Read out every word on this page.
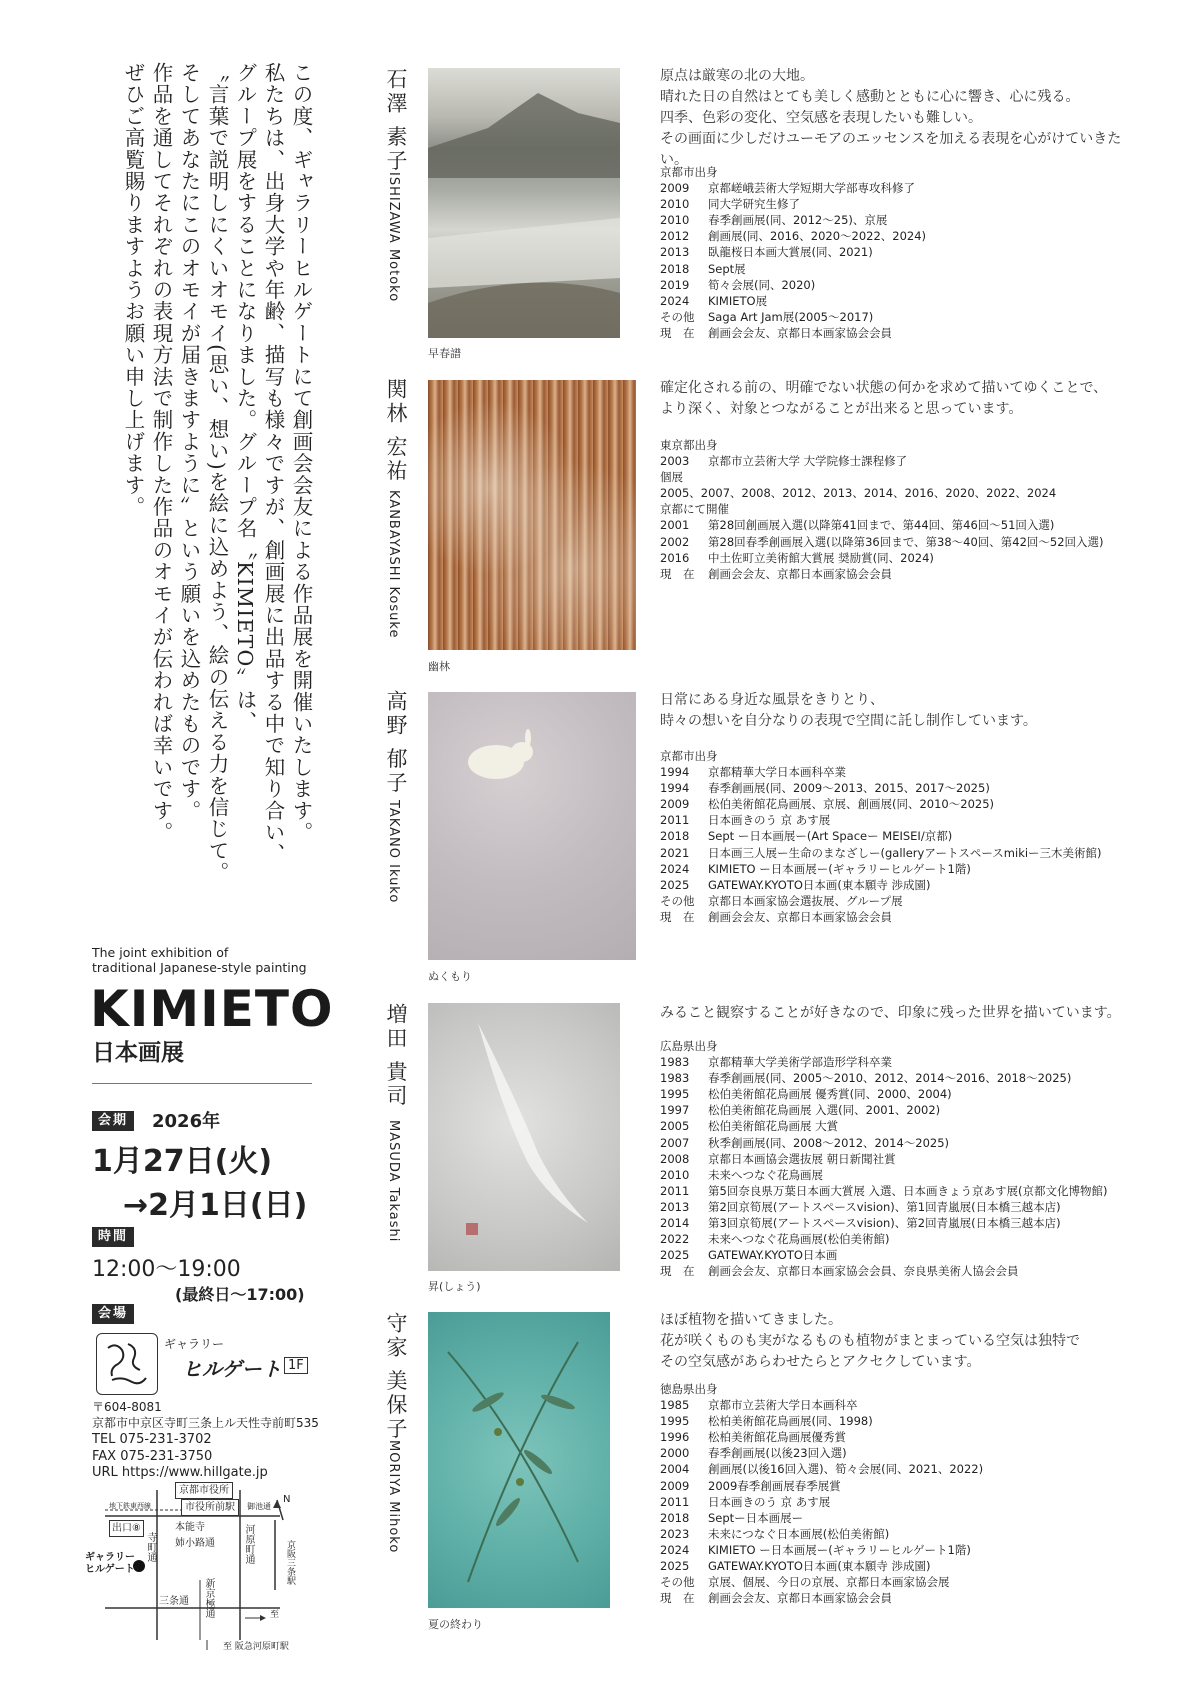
この度、ギャラリーヒルゲートにて創画会会友による作品展を開催いたします。

私たちは、出身大学や年齢、描写も様々ですが、創画展に出品する中で知り合い、

グループ展をすることになりました。グループ名〝KIMIETO〟は、

〝言葉で説明しにくいオモイ(思い、想い)を絵に込めよう、絵の伝える力を信じて。

そしてあなたにこのオモイが届きますように〟という願いを込めたものです。

作品を通してそれぞれの表現方法で制作した作品のオモイが伝われば幸いです。

ぜひご高覧賜りますようお願い申し上げます。

The joint exhibition of
traditional Japanese-style painting
KIMIETO
日本画展
会期	2026年
1月27日(火)
→2月1日(日)
時間
12:00〜19:00
(最終日〜17:00)
会場
ギャラリー
ヒルゲート 1F
〒604-8081
京都市中京区寺町三条上ル天性寺前町535
TEL 075-231-3702
FAX 075-231-3750
URL https://www.hillgate.jp
京都市役所
市役所前駅
地下鉄東西線	御池通
出口⑧	本能寺
姉小路通
寺町通	河原町通
三条通 新京極通
京阪三条駅
至
至 阪急河原町駅
N
ギャラリー
ヒルゲート
石澤 素子
ISHIZAWA Motoko
早春譜
原点は厳寒の北の大地。
晴れた日の自然はとても美しく感動とともに心に響き、心に残る。
四季、色彩の変化、空気感を表現したいも難しい。
その画面に少しだけユーモアのエッセンスを加える表現を心がけていきたい。
京都市出身
2009	京都嵯峨芸術大学短期大学部専攻科修了
2010	同大学研究生修了
2010	春季創画展(同、2012〜25)、京展
2012	創画展(同、2016、2020〜2022、2024)
2013	臥龍桜日本画大賞展(同、2021)
2018	Sept展
2019	筍々会展(同、2020)
2024	KIMIETO展
その他	Saga Art Jam展(2005〜2017)
現　在	創画会会友、京都日本画家協会会員
関林 宏祐
KANBAYASHI Kosuke
幽林
確定化される前の、明確でない状態の何かを求めて描いてゆくことで、
より深く、対象とつながることが出来ると思っています。
東京都出身
2003	京都市立芸術大学 大学院修士課程修了
個展
2005、2007、2008、2012、2013、2014、2016、2020、2022、2024
京都にて開催
2001	第28回創画展入選(以降第41回まで、第44回、第46回〜51回入選)
2002	第28回春季創画展入選(以降第36回まで、第38〜40回、第42回〜52回入選)
2016	中土佐町立美術館大賞展 奨励賞(同、2024)
現　在	創画会会友、京都日本画家協会会員
高野 郁子
TAKANO Ikuko
ぬくもり
日常にある身近な風景をきりとり、
時々の想いを自分なりの表現で空間に託し制作しています。
京都市出身
1994	京都精華大学日本画科卒業
1994	春季創画展(同、2009〜2013、2015、2017〜2025)
2009	松伯美術館花鳥画展、京展、創画展(同、2010〜2025)
2011	日本画きのう 京 あす展
2018	Sept ー日本画展ー(Art Spaceー MEISEI/京都)
2021	日本画三人展ー生命のまなざしー(galleryアートスペースmikiー三木美術館)
2024	KIMIETO ー日本画展ー(ギャラリーヒルゲート1階)
2025	GATEWAY.KYOTO日本画(東本願寺 渉成園)
その他	京都日本画家協会選抜展、グループ展
現　在	創画会会友、京都日本画家協会会員
増田 貴司
MASUDA Takashi
昇(しょう)
みること観察することが好きなので、印象に残った世界を描いています。
広島県出身
1983	京都精華大学美術学部造形学科卒業
1983	春季創画展(同、2005〜2010、2012、2014〜2016、2018〜2025)
1995	松伯美術館花鳥画展 優秀賞(同、2000、2004)
1997	松伯美術館花鳥画展 入選(同、2001、2002)
2005	松伯美術館花鳥画展 大賞
2007	秋季創画展(同、2008〜2012、2014〜2025)
2008	京都日本画協会選抜展 朝日新聞社賞
2010	未来へつなぐ花鳥画展
2011	第5回奈良県万葉日本画大賞展 入選、日本画きょう京あす展(京都文化博物館)
2013	第2回京筍展(アートスペースvision)、第1回青嵐展(日本橋三越本店)
2014	第3回京筍展(アートスペースvision)、第2回青嵐展(日本橋三越本店)
2022	未来へつなぐ花鳥画展(松伯美術館)
2025	GATEWAY.KYOTO日本画
現　在	創画会会友、京都日本画家協会会員、奈良県美術人協会会員
守家 美保子
MORIYA Mihoko
夏の終わり
ほぼ植物を描いてきました。
花が咲くものも実がなるものも植物がまとまっている空気は独特で
その空気感があらわせたらとアクセクしています。
徳島県出身
1985	京都市立芸術大学日本画科卒
1995	松柏美術館花鳥画展(同、1998)
1996	松柏美術館花鳥画展優秀賞
2000	春季創画展(以後23回入選)
2004	創画展(以後16回入選)、筍々会展(同、2021、2022)
2009	2009春季創画展春季展賞
2011	日本画きのう 京 あす展
2018	Septー日本画展ー
2023	未来につなぐ日本画展(松伯美術館)
2024	KIMIETO ー日本画展ー(ギャラリーヒルゲート1階)
2025	GATEWAY.KYOTO日本画(東本願寺 渉成園)
その他	京展、個展、今日の京展、京都日本画家協会展
現　在	創画会会友、京都日本画家協会会員
